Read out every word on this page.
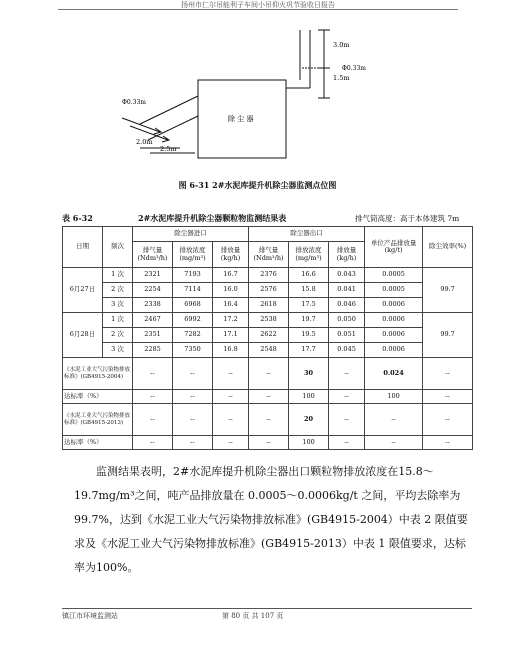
扬州市仁尔吊能利子车间小吊仰火巩节验收日报告
除 尘 器
3.0m
1.5m
Φ0.33m
Φ0.33m
2.0m
2.5m
图 6-31 2#水泥库提升机除尘器监测点位图
表 6-32	2#水泥库提升机除尘器颗粒物监测结果表	排气筒高度：高于本体建筑 7m
日期	频次	除尘器进口			除尘器出口			单位产品排放量(kg/t)	除尘效率(%)
		排气量(Ndm³/h)	排放浓度(mg/m³)	排放量(kg/h)	排气量(Ndm³/h)	排放浓度(mg/m³)	排放量(kg/h)		
6月27日	1 次	2321	7193	16.7	2376	16.6	0.043	0.0005	99.7
	2 次	2254	7114	16.0	2576	15.8	0.041	0.0005	
	3 次	2338	6968	16.4	2618	17.5	0.046	0.0006	
6月28日	1 次	2467	6992	17.2	2538	19.7	0.050	0.0006	99.7
	2 次	2351	7282	17.1	2622	19.5	0.051	0.0006	
	3 次	2285	7350	16.8	2548	17.7	0.045	0.0006	
《水泥工业大气污染物排放标准》(GB4915-2004)		--	--	--	--	30	--	0.024	--
达标率（%）		--	--	--	--	100	--	100	--
《水泥工业大气污染物排放标准》(GB4915-2013)		--	--	--	--	20	--	--	--
达标率（%）		--	--	--	--	100	--	--	--

监测结果表明，2#水泥库提升机除尘器出口颗粒物排放浓度在15.8～19.7mg/m³之间，吨产品排放量在 0.0005～0.0006kg/t 之间，平均去除率为 99.7%，达到《水泥工业大气污染物排放标准》(GB4915-2004）中表 2 限值要求及《水泥工业大气污染物排放标准》(GB4915-2013）中表 1 限值要求，达标率为100%。

镇江市环境监测站	第 80 页 共 107 页
